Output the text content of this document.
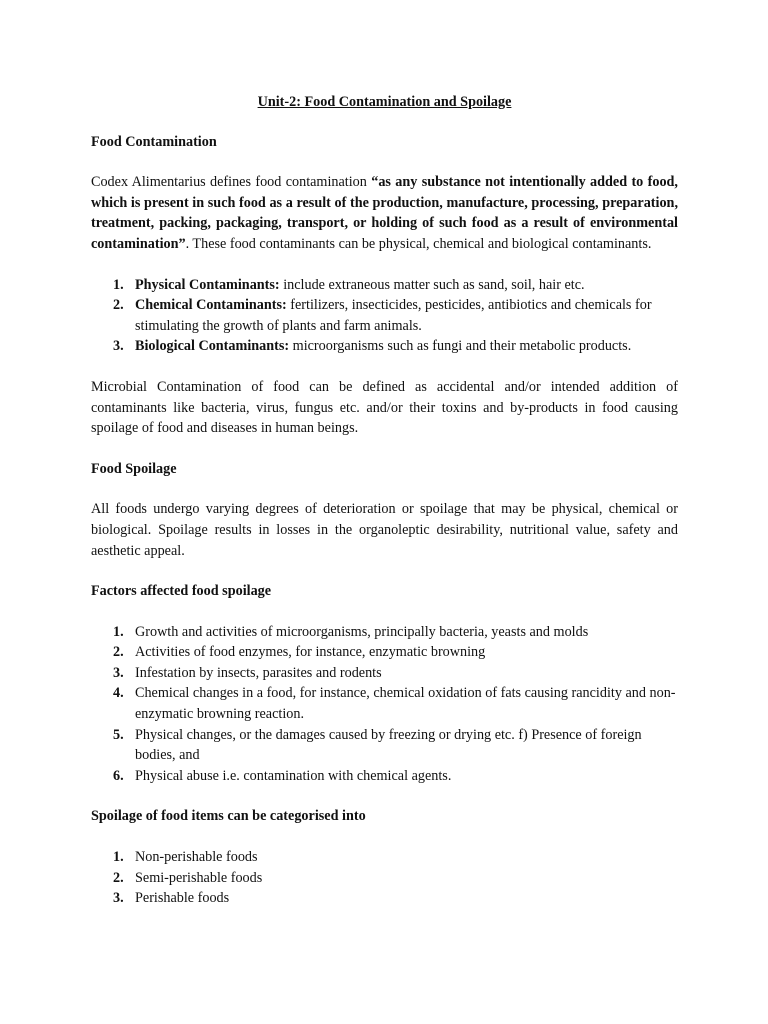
Unit-2: Food Contamination and Spoilage
Food Contamination
Codex Alimentarius defines food contamination “as any substance not intentionally added to food, which is present in such food as a result of the production, manufacture, processing, preparation, treatment, packing, packaging, transport, or holding of such food as a result of environmental contamination”. These food contaminants can be physical, chemical and biological contaminants.
1. Physical Contaminants: include extraneous matter such as sand, soil, hair etc.
2. Chemical Contaminants: fertilizers, insecticides, pesticides, antibiotics and chemicals for stimulating the growth of plants and farm animals.
3. Biological Contaminants: microorganisms such as fungi and their metabolic products.
Microbial Contamination of food can be defined as accidental and/or intended addition of contaminants like bacteria, virus, fungus etc. and/or their toxins and by-products in food causing spoilage of food and diseases in human beings.
Food Spoilage
All foods undergo varying degrees of deterioration or spoilage that may be physical, chemical or biological. Spoilage results in losses in the organoleptic desirability, nutritional value, safety and aesthetic appeal.
Factors affected food spoilage
1. Growth and activities of microorganisms, principally bacteria, yeasts and molds
2. Activities of food enzymes, for instance, enzymatic browning
3. Infestation by insects, parasites and rodents
4. Chemical changes in a food, for instance, chemical oxidation of fats causing rancidity and non-enzymatic browning reaction.
5. Physical changes, or the damages caused by freezing or drying etc. f) Presence of foreign bodies, and
6. Physical abuse i.e. contamination with chemical agents.
Spoilage of food items can be categorised into
1. Non-perishable foods
2. Semi-perishable foods
3. Perishable foods
